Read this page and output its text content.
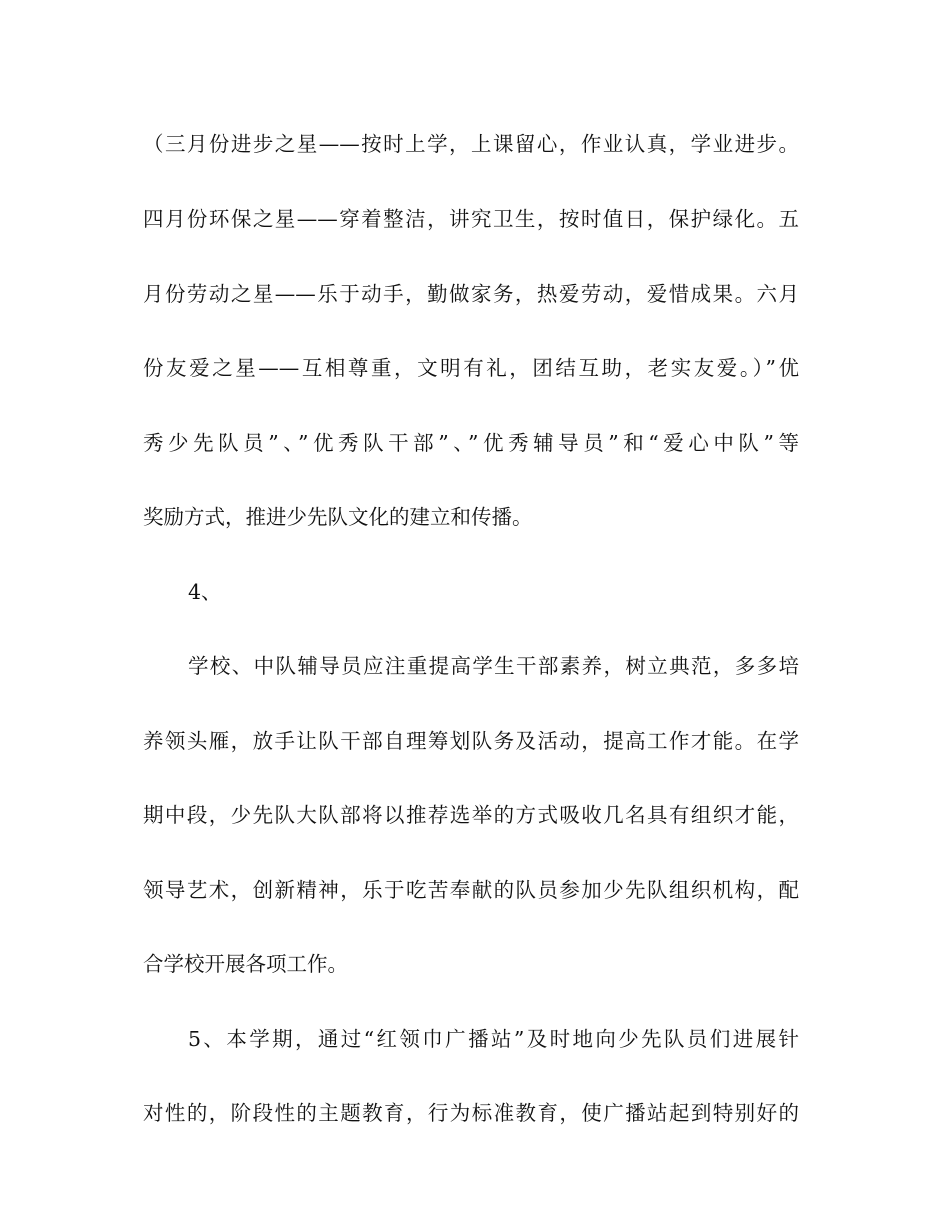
（三月份进步之星——按时上学，上课留心，作业认真，学业进步。
四月份环保之星——穿着整洁，讲究卫生，按时值日，保护绿化。五
月份劳动之星——乐于动手，勤做家务，热爱劳动，爱惜成果。六月
份友爱之星——互相尊重，文明有礼，团结互助，老实友爱。）”优
秀少先队员”、”优秀队干部”、”优秀辅导员”和“爱心中队”等
奖励方式，推进少先队文化的建立和传播。
4、
学校、中队辅导员应注重提高学生干部素养，树立典范，多多培
养领头雁，放手让队干部自理筹划队务及活动，提高工作才能。在学
期中段，少先队大队部将以推荐选举的方式吸收几名具有组织才能，
领导艺术，创新精神，乐于吃苦奉献的队员参加少先队组织机构，配
合学校开展各项工作。
5、本学期，通过“红领巾广播站”及时地向少先队员们进展针
对性的，阶段性的主题教育，行为标准教育，使广播站起到特别好的
